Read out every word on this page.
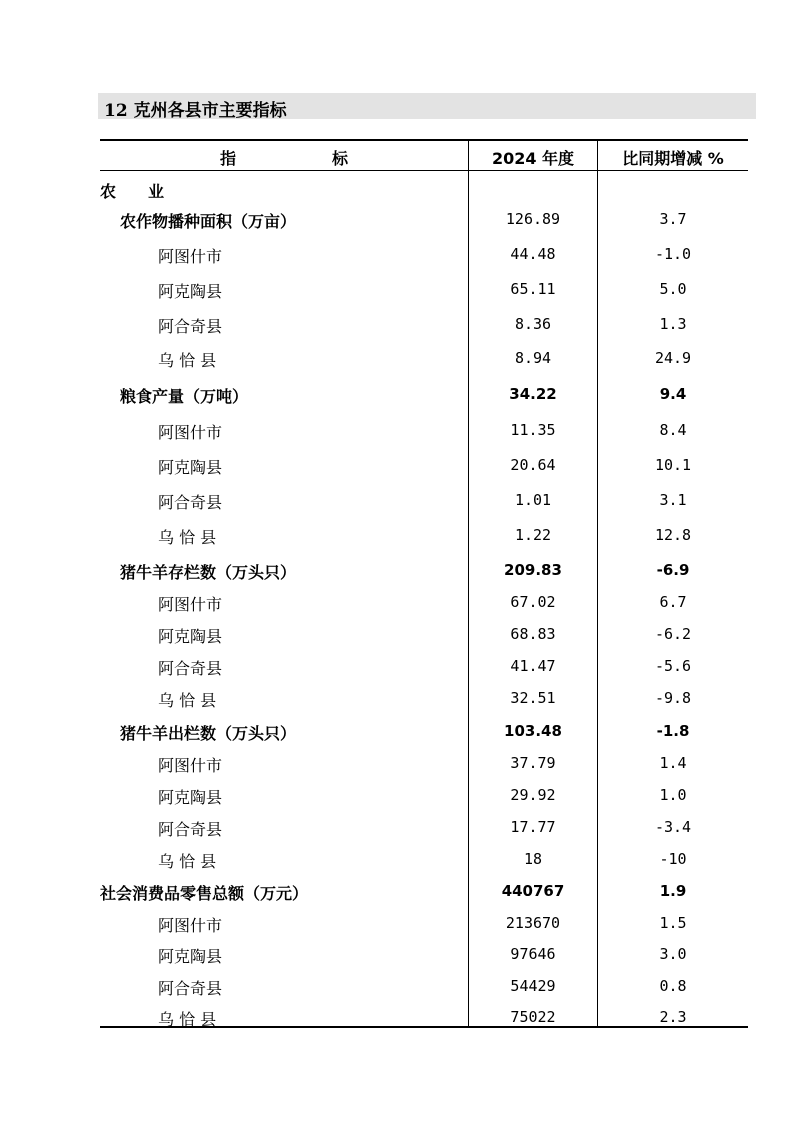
12 克州各县市主要指标
指　　　　　　标	2024 年度	比同期增减 %
农　　业
农作物播种面积（万亩）	126.89	3.7
阿图什市	44.48	-1.0
阿克陶县	65.11	5.0
阿合奇县	8.36	1.3
乌 恰 县	8.94	24.9
粮食产量（万吨）	34.22	9.4
阿图什市	11.35	8.4
阿克陶县	20.64	10.1
阿合奇县	1.01	3.1
乌 恰 县	1.22	12.8
猪牛羊存栏数（万头只）	209.83	-6.9
阿图什市	67.02	6.7
阿克陶县	68.83	-6.2
阿合奇县	41.47	-5.6
乌 恰 县	32.51	-9.8
猪牛羊出栏数（万头只）	103.48	-1.8
阿图什市	37.79	1.4
阿克陶县	29.92	1.0
阿合奇县	17.77	-3.4
乌 恰 县	18	-10
社会消费品零售总额（万元）	440767	1.9
阿图什市	213670	1.5
阿克陶县	97646	3.0
阿合奇县	54429	0.8
乌 恰 县	75022	2.3
